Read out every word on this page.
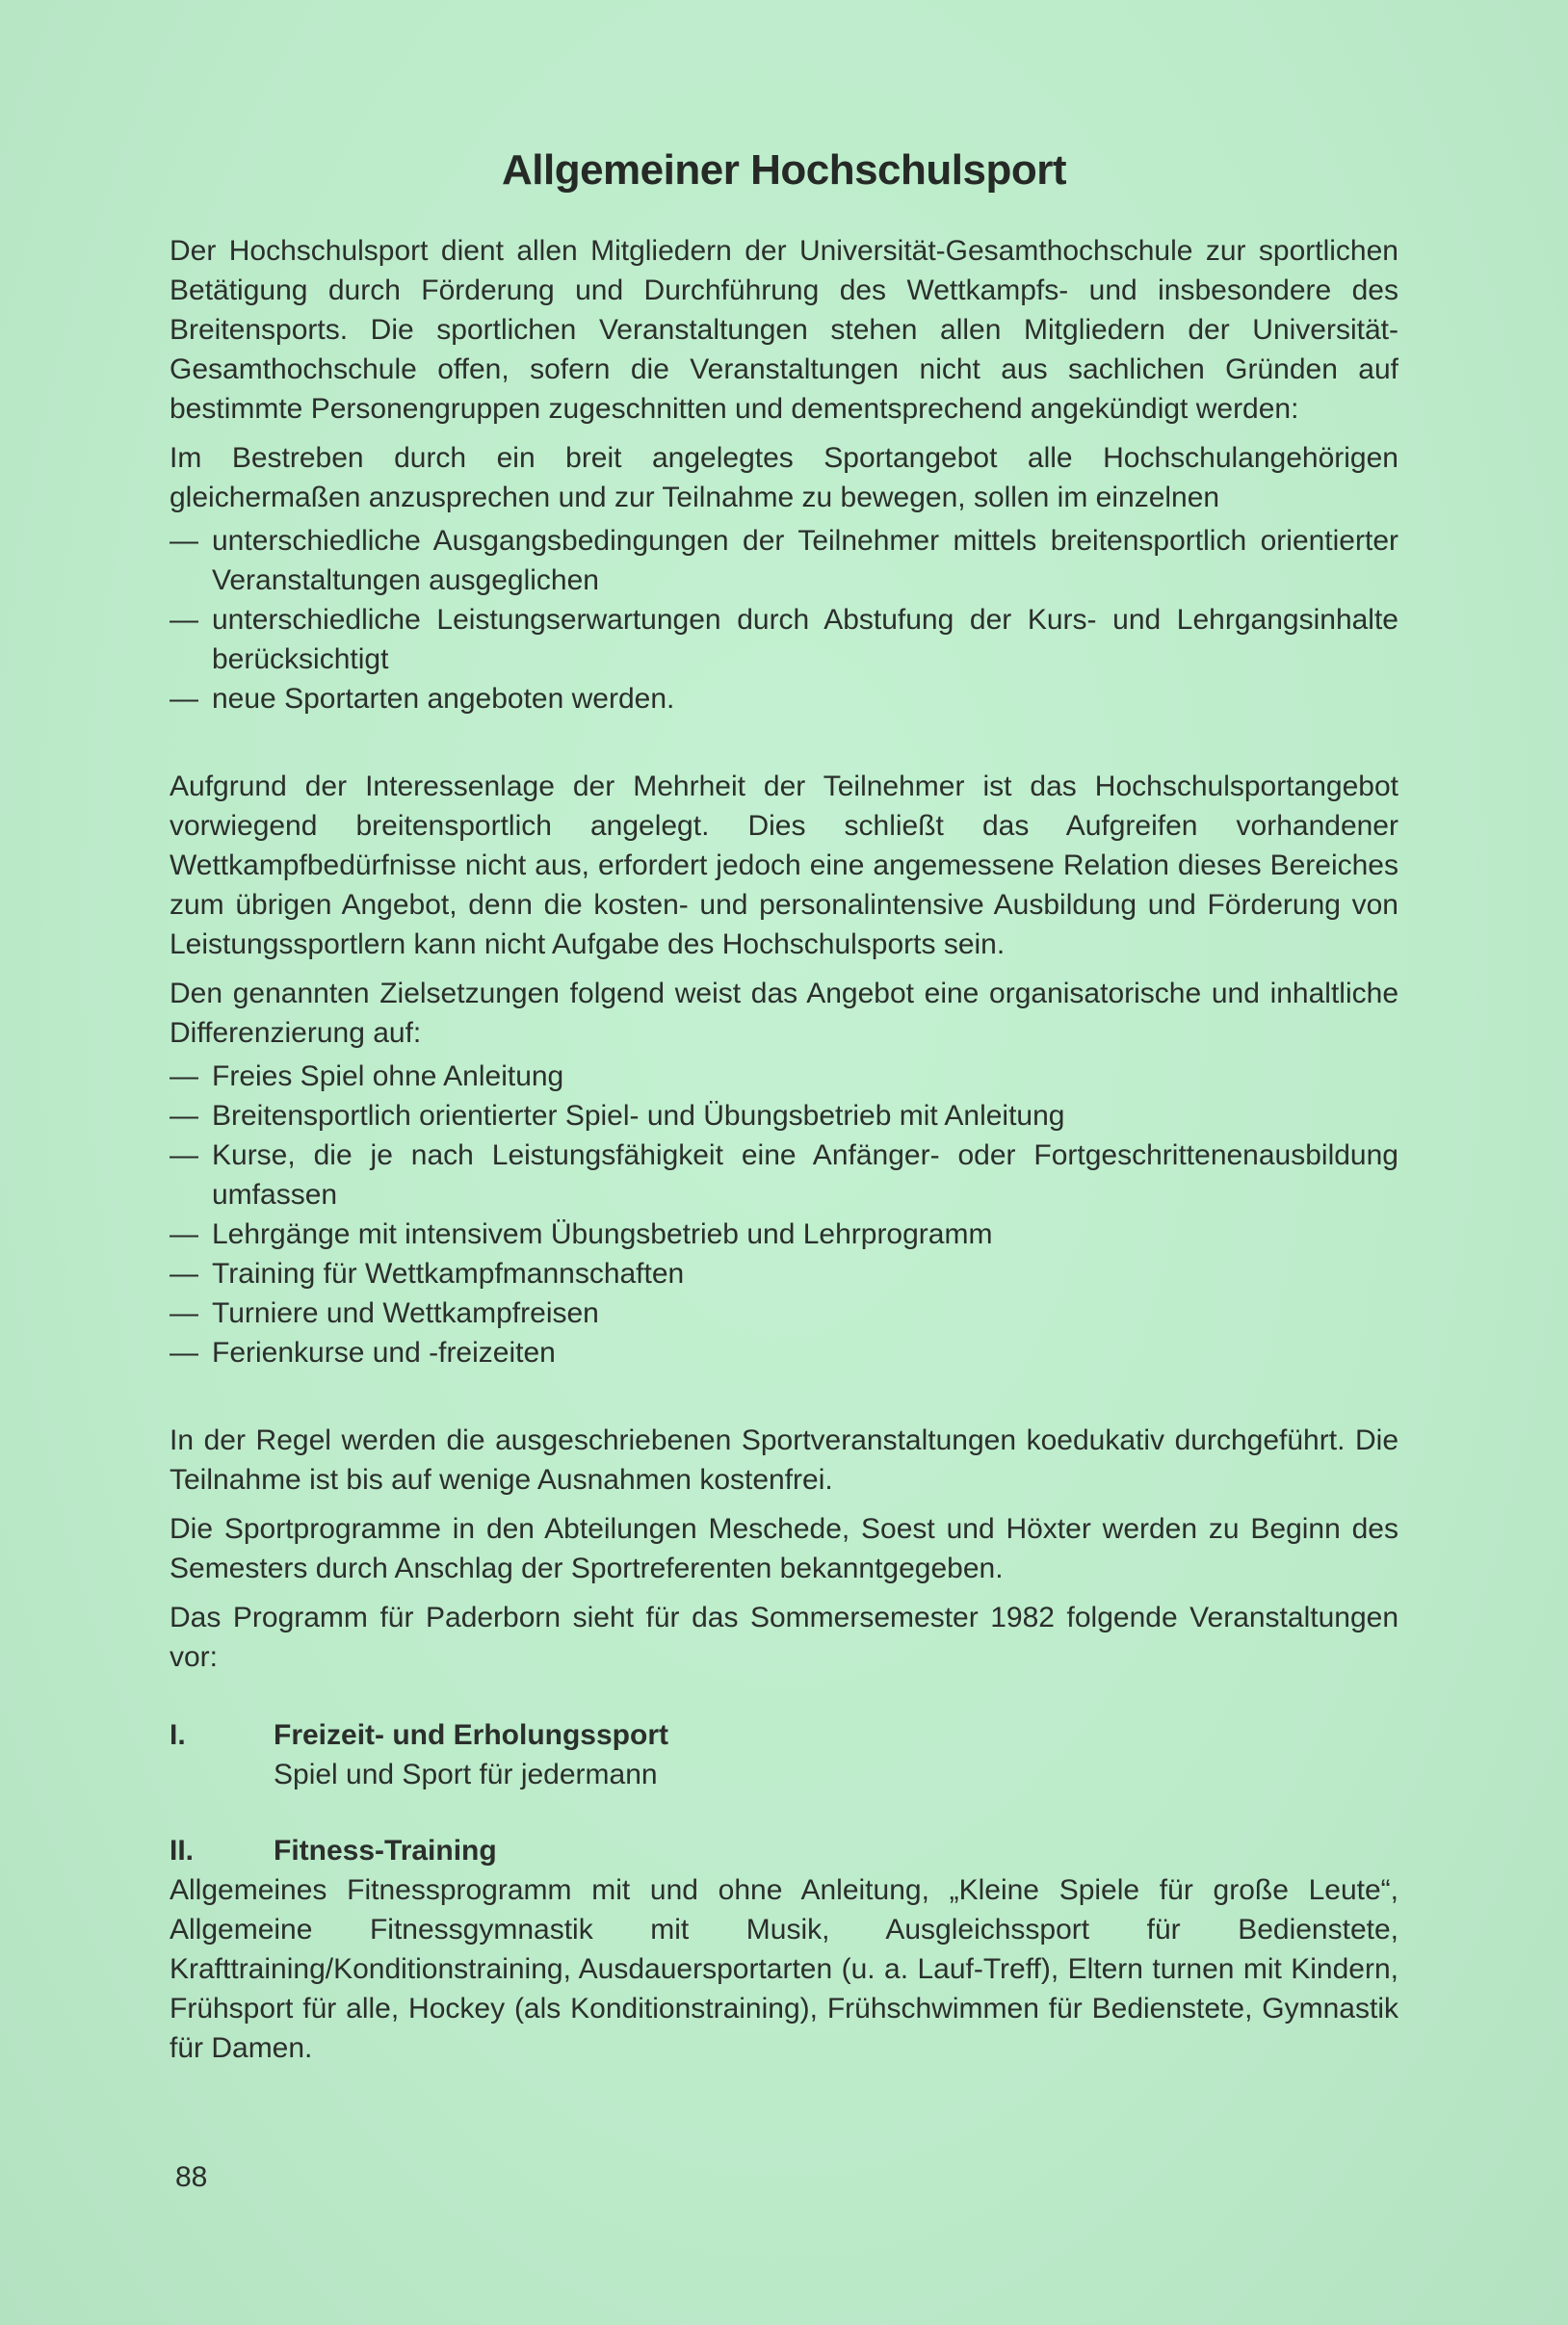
Allgemeiner Hochschulsport

Der Hochschulsport dient allen Mitgliedern der Universität-Gesamthochschule zur sportlichen Betätigung durch Förderung und Durchführung des Wettkampfs- und insbesondere des Breitensports. Die sportlichen Veranstaltungen stehen allen Mitgliedern der Universität-Gesamthochschule offen, sofern die Veranstaltungen nicht aus sachlichen Gründen auf bestimmte Personengruppen zugeschnitten und dementsprechend angekündigt werden:

Im Bestreben durch ein breit angelegtes Sportangebot alle Hochschulangehörigen gleichermaßen anzusprechen und zur Teilnahme zu bewegen, sollen im einzelnen

— unterschiedliche Ausgangsbedingungen der Teilnehmer mittels breitensportlich orientierter Veranstaltungen ausgeglichen
— unterschiedliche Leistungserwartungen durch Abstufung der Kurs- und Lehrgangsinhalte berücksichtigt
— neue Sportarten angeboten werden.

Aufgrund der Interessenlage der Mehrheit der Teilnehmer ist das Hochschulsportangebot vorwiegend breitensportlich angelegt. Dies schließt das Aufgreifen vorhandener Wettkampfbedürfnisse nicht aus, erfordert jedoch eine angemessene Relation dieses Bereiches zum übrigen Angebot, denn die kosten- und personalintensive Ausbildung und Förderung von Leistungssportlern kann nicht Aufgabe des Hochschulsports sein.

Den genannten Zielsetzungen folgend weist das Angebot eine organisatorische und inhaltliche Differenzierung auf:

— Freies Spiel ohne Anleitung
— Breitensportlich orientierter Spiel- und Übungsbetrieb mit Anleitung
— Kurse, die je nach Leistungsfähigkeit eine Anfänger- oder Fortgeschrittenenausbildung umfassen
— Lehrgänge mit intensivem Übungsbetrieb und Lehrprogramm
— Training für Wettkampfmannschaften
— Turniere und Wettkampfreisen
— Ferienkurse und -freizeiten

In der Regel werden die ausgeschriebenen Sportveranstaltungen koedukativ durchgeführt. Die Teilnahme ist bis auf wenige Ausnahmen kostenfrei.

Die Sportprogramme in den Abteilungen Meschede, Soest und Höxter werden zu Beginn des Semesters durch Anschlag der Sportreferenten bekanntgegeben.

Das Programm für Paderborn sieht für das Sommersemester 1982 folgende Veranstaltungen vor:

I.	Freizeit- und Erholungssport

Spiel und Sport für jedermann

II.	Fitness-Training

Allgemeines Fitnessprogramm mit und ohne Anleitung, „Kleine Spiele für große Leute“, Allgemeine Fitnessgymnastik mit Musik, Ausgleichssport für Bedienstete, Krafttraining/Konditionstraining, Ausdauersportarten (u. a. Lauf-Treff), Eltern turnen mit Kindern, Frühsport für alle, Hockey (als Konditionstraining), Frühschwimmen für Bedienstete, Gymnastik für Damen.

88
